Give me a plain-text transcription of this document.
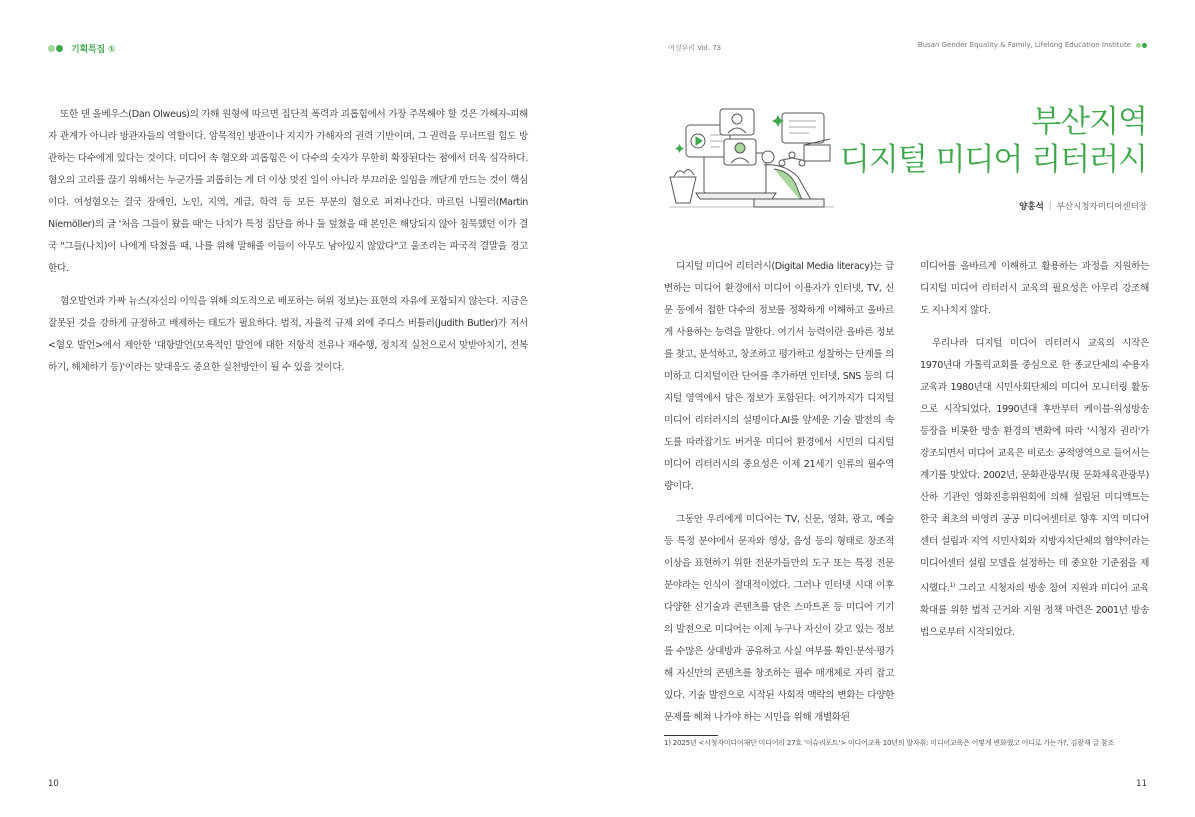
기획특집 ①

또한 댄 올베우스(Dan Olweus)의 가해 원형에 따르면 집단적 폭력과 괴롭힘에서 가장 주목해야 할 것은 가해자-피해자 관계가 아니라 방관자들의 역할이다. 암묵적인 방관이나 지지가 가해자의 권력 기반이며, 그 권력을 무너뜨릴 힘도 방관하는 다수에게 있다는 것이다. 미디어 속 혐오와 괴롭힘은 이 다수의 숫자가 무한히 확장된다는 점에서 더욱 심각하다. 혐오의 고리를 끊기 위해서는 누군가를 괴롭히는 게 더 이상 멋진 일이 아니라 부끄러운 일임을 깨닫게 만드는 것이 핵심이다. 여성혐오는 결국 장애인, 노인, 지역, 계급, 학력 등 모든 부분의 혐오로 퍼져나간다. 마르틴 니묄러(Martin Niemöller)의 글 '처음 그들이 왔을 때'는 나치가 특정 집단을 하나 둘 덮쳤을 때 본인은 해당되지 않아 침묵했던 이가 결국 "그들(나치)이 나에게 닥쳤을 때, 나를 위해 말해줄 이들이 아무도 남아있지 않았다"고 울조리는 파국적 결말을 경고한다.

혐오발언과 가짜 뉴스(자신의 이익을 위해 의도적으로 배포하는 허위 정보)는 표현의 자유에 포함되지 않는다. 지금은 잘못된 것을 강하게 규정하고 배제하는 태도가 필요하다. 법적, 자율적 규제 외에 주디스 버틀러(Judith Butler)가 저서 <혐오 발언>에서 제안한 '대항발언(모욕적인 발언에 대한 저항적 전유나 재수행, 정치적 실천으로서 맞받아치기, 전복하기, 해체하기 등)'이라는 맞대응도 중요한 실천방안이 될 수 있을 것이다.

10
여성우리 Vol. 73	Busan Gender Equality & Family, Lifelong Education Institute
부산지역
디지털 미디어 리터러시
양홍석 | 부산시청자미디어센터장

디지털 미디어 리터러시(Digital Media literacy)는 급변하는 미디어 환경에서 미디어 이용자가 인터넷, TV, 신문 등에서 접한 다수의 정보를 정확하게 이해하고 올바르게 사용하는 능력을 말한다. 여기서 능력이란 올바른 정보를 찾고, 분석하고, 창조하고 평가하고 성찰하는 단계를 의미하고 디지털이란 단어를 추가하면 인터넷, SNS 등의 디지털 영역에서 담은 정보가 포함된다. 여기까지가 디지털 미디어 리터러시의 설명이다.AI를 앞세운 기술 발전의 속도를 따라잡기도 버거운 미디어 환경에서 시민의 디지털 미디어 리터러시의 중요성은 이제 21세기 인류의 필수역량이다.

그동안 우리에게 미디어는 TV, 신문, 영화, 광고, 예술 등 특정 분야에서 문자와 영상, 음성 등의 형태로 창조적 이상을 표현하기 위한 전문가들만의 도구 또는 특정 전문 분야라는 인식이 절대적이었다. 그러나 인터넷 시대 이후 다양한 신기술과 콘텐츠를 담은 스마트폰 등 미디어 기기의 발전으로 미디어는 이제 누구나 자신이 갖고 있는 정보를 수많은 상대방과 공유하고 사실 여부를 확인·분석·평가해 자신만의 콘텐츠를 창조하는 필수 매개체로 자리 잡고 있다. 기술 발전으로 시작된 사회적 맥락의 변화는 다양한 문제를 헤쳐 나가야 하는 시민을 위해 개별화된

미디어를 올바르게 이해하고 활용하는 과정을 지원하는 디지털 미디어 리터러시 교육의 필요성은 아무리 강조해도 지나치지 않다.

우리나라 디지털 미디어 리터러시 교육의 시작은 1970년대 가톨릭교회를 중심으로 한 종교단체의 수용자교육과 1980년대 시민사회단체의 미디어 모니터링 활동으로 시작되었다. 1990년대 후반부터 케이블·위성방송 등장을 비롯한 방송 환경의 변화에 따라 '시청자 권리'가 강조되면서 미디어 교육은 비로소 공적영역으로 들어서는 계기를 맞았다. 2002년, 문화관광부(現 문화체육관광부) 산하 기관인 영화진흥위원회에 의해 설립된 미디액트는 한국 최초의 비영리 공공 미디어센터로 향후 지역 미디어센터 설립과 지역 시민사회와 지방자치단체의 협약이라는 미디어센터 설립 모델을 설정하는 데 중요한 기준점을 제시했다.$^{1)}$ 그리고 시청자의 방송 참여 지원과 미디어 교육 확대를 위한 법적 근거와 지원 정책 마련은 2001년 방송법으로부터 시작되었다.

1) 2025년 <시청자미디어재단 미디어리 27호 '이슈리포트'> 미디어교육 10년의 발자취: 미디어교육은 어떻게 변화했고 어디로 가는가?, 김광재 글 참조
11
